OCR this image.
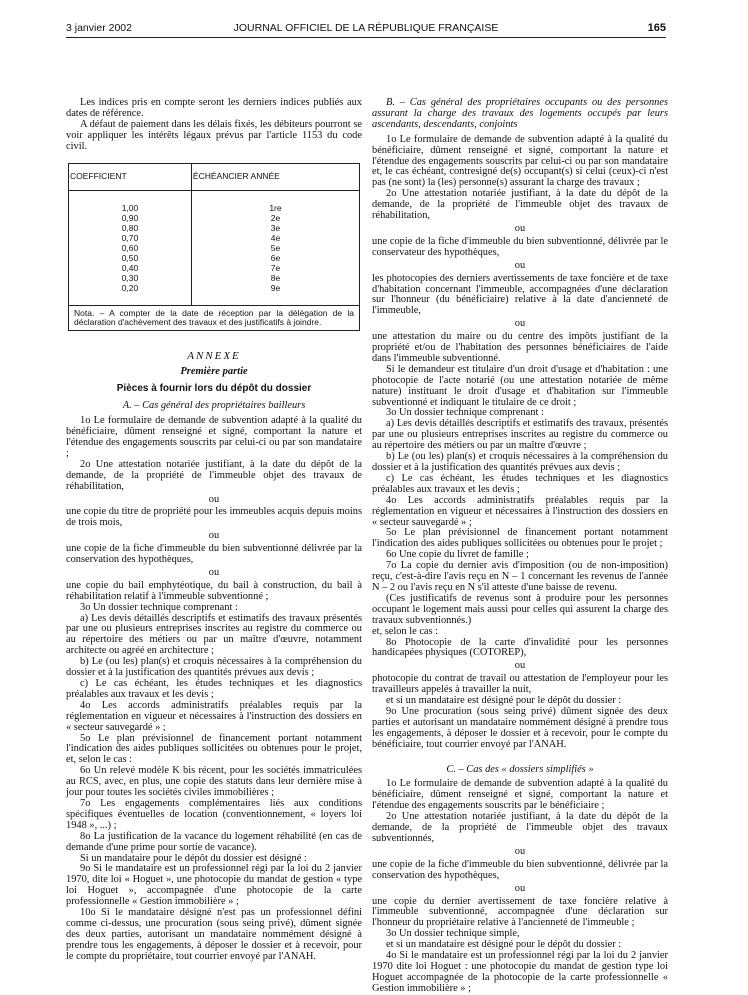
3 janvier 2002	JOURNAL OFFICIEL DE LA RÉPUBLIQUE FRANÇAISE	165

Les indices pris en compte seront les derniers indices publiés aux dates de référence.

A défaut de paiement dans les délais fixés, les débiteurs pourront se voir appliquer les intérêts légaux prévus par l'article 1153 du code civil.

COEFFICIENT	ÉCHÉANCIER ANNÉE

1,00	1re
0,90	2e
0,80	3e
0,70	4e
0,60	5e
0,50	6e
0,40	7e
0,30	8e
0,20	9e

Nota. – A compter de la date de réception par la délégation de la déclaration d'achèvement des travaux et des justificatifs à joindre.	

ANNEXE

Première partie

Pièces à fournir lors du dépôt du dossier

A. – Cas général des propriétaires bailleurs

1o Le formulaire de demande de subvention adapté à la qualité du bénéficiaire, dûment renseigné et signé, comportant la nature et l'étendue des engagements souscrits par celui-ci ou par son mandataire ;

2o Une attestation notariée justifiant, à la date du dépôt de la demande, de la propriété de l'immeuble objet des travaux de réhabilitation,

ou

une copie du titre de propriété pour les immeubles acquis depuis moins de trois mois,

ou

une copie de la fiche d'immeuble du bien subventionné délivrée par la conservation des hypothèques,

ou

une copie du bail emphytéotique, du bail à construction, du bail à réhabilitation relatif à l'immeuble subventionné ;

3o Un dossier technique comprenant :

a) Les devis détaillés descriptifs et estimatifs des travaux présentés par une ou plusieurs entreprises inscrites au registre du commerce ou au répertoire des métiers ou par un maître d'œuvre, notamment architecte ou agréé en architecture ;

b) Le (ou les) plan(s) et croquis nécessaires à la compréhension du dossier et à la justification des quantités prévues aux devis ;

c) Le cas échéant, les études techniques et les diagnostics préalables aux travaux et les devis ;

4o Les accords administratifs préalables requis par la réglementation en vigueur et nécessaires à l'instruction des dossiers en « secteur sauvegardé » ;

5o Le plan prévisionnel de financement portant notamment l'indication des aides publiques sollicitées ou obtenues pour le projet, et, selon le cas :

6o Un relevé modèle K bis récent, pour les sociétés immatriculées au RCS, avec, en plus, une copie des statuts dans leur dernière mise à jour pour toutes les sociétés civiles immobilières ;

7o Les engagements complémentaires liés aux conditions spécifiques éventuelles de location (conventionnement, « loyers loi 1948 », ...) ;

8o La justification de la vacance du logement réhabilité (en cas de demande d'une prime pour sortie de vacance).

Si un mandataire pour le dépôt du dossier est désigné :

9o Si le mandataire est un professionnel régi par la loi du 2 janvier 1970, dite loi « Hoguet », une photocopie du mandat de gestion « type loi Hoguet », accompagnée d'une photocopie de la carte professionnelle « Gestion immobilière » ;

10o Si le mandataire désigné n'est pas un professionnel défini comme ci-dessus, une procuration (sous seing privé), dûment signée des deux parties, autorisant un mandataire nommément désigné à prendre tous les engagements, à déposer le dossier et à recevoir, pour le compte du propriétaire, tout courrier envoyé par l'ANAH.

B. – Cas général des propriétaires occupants ou des personnes assurant la charge des travaux des logements occupés par leurs ascendants, descendants, conjoints

1o Le formulaire de demande de subvention adapté à la qualité du bénéficiaire, dûment renseigné et signé, comportant la nature et l'étendue des engagements souscrits par celui-ci ou par son mandataire et, le cas échéant, contresigné de(s) occupant(s) si celui (ceux)-ci n'est pas (ne sont) la (les) personne(s) assurant la charge des travaux ;

2o Une attestation notariée justifiant, à la date du dépôt de la demande, de la propriété de l'immeuble objet des travaux de réhabilitation,

ou

une copie de la fiche d'immeuble du bien subventionné, délivrée par le conservateur des hypothèques,

ou

les photocopies des derniers avertissements de taxe foncière et de taxe d'habitation concernant l'immeuble, accompagnées d'une déclaration sur l'honneur (du bénéficiaire) relative à la date d'ancienneté de l'immeuble,

ou

une attestation du maire ou du centre des impôts justifiant de la propriété et/ou de l'habitation des personnes bénéficiaires de l'aide dans l'immeuble subventionné.

Si le demandeur est titulaire d'un droit d'usage et d'habitation : une photocopie de l'acte notarié (ou une attestation notariée de même nature) instituant le droit d'usage et d'habitation sur l'immeuble subventionné et indiquant le titulaire de ce droit ;

3o Un dossier technique comprenant :

a) Les devis détaillés descriptifs et estimatifs des travaux, présentés par une ou plusieurs entreprises inscrites au registre du commerce ou au répertoire des métiers ou par un maître d'œuvre ;

b) Le (ou les) plan(s) et croquis nécessaires à la compréhension du dossier et à la justification des quantités prévues aux devis ;

c) Le cas échéant, les études techniques et les diagnostics préalables aux travaux et les devis ;

4o Les accords administratifs préalables requis par la réglementation en vigueur et nécessaires à l'instruction des dossiers en « secteur sauvegardé » ;

5o Le plan prévisionnel de financement portant notamment l'indication des aides publiques sollicitées ou obtenues pour le projet ;

6o Une copie du livret de famille ;

7o La copie du dernier avis d'imposition (ou de non-imposition) reçu, c'est-à-dire l'avis reçu en N – 1 concernant les revenus de l'année N – 2 ou l'avis reçu en N s'il atteste d'une baisse de revenu.

(Ces justificatifs de revenus sont à produire pour les personnes occupant le logement mais aussi pour celles qui assurent la charge des travaux subventionnés.)

et, selon le cas :

8o Photocopie de la carte d'invalidité pour les personnes handicapées physiques (COTOREP),

ou

photocopie du contrat de travail ou attestation de l'employeur pour les travailleurs appelés à travailler la nuit,

et si un mandataire est désigné pour le dépôt du dossier :

9o Une procuration (sous seing privé) dûment signée des deux parties et autorisant un mandataire nommément désigné à prendre tous les engagements, à déposer le dossier et à recevoir, pour le compte du bénéficiaire, tout courrier envoyé par l'ANAH.

C. – Cas des « dossiers simplifiés »

1o Le formulaire de demande de subvention adapté à la qualité du bénéficiaire, dûment renseigné et signé, comportant la nature et l'étendue des engagements souscrits par le bénéficiaire ;

2o Une attestation notariée justifiant, à la date du dépôt de la demande, de la propriété de l'immeuble objet des travaux subventionnés,

ou

une copie de la fiche d'immeuble du bien subventionné, délivrée par la conservation des hypothèques,

ou

une copie du dernier avertissement de taxe foncière relative à l'immeuble subventionné, accompagnée d'une déclaration sur l'honneur du propriétaire relative à l'ancienneté de l'immeuble ;

3o Un dossier technique simple,

et si un mandataire est désigné pour le dépôt du dossier :

4o Si le mandataire est un professionnel régi par la loi du 2 janvier 1970 dite loi Hoguet : une photocopie du mandat de gestion type loi Hoguet accompagnée de la photocopie de la carte professionnelle « Gestion immobilière » ;
